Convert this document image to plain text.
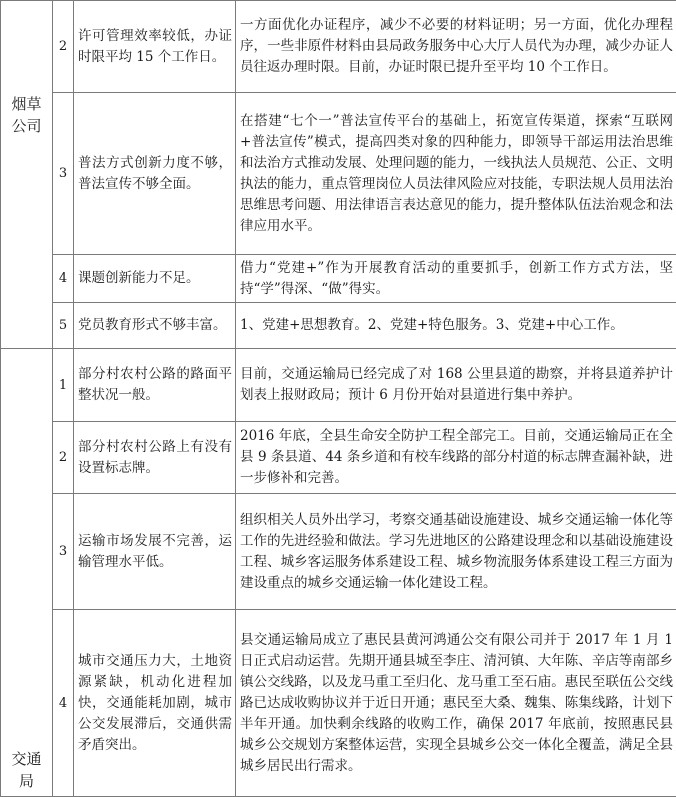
烟草
公司	2	许可管理效率较低，办证时限平均 15 个工作日。	一方面优化办证程序，减少不必要的材料证明；另一方面，优化办理程序，一些非原件材料由县局政务服务中心大厅人员代为办理，减少办证人员往返办理时限。目前，办证时限已提升至平均 10 个工作日。
	3	普法方式创新力度不够，普法宣传不够全面。	在搭建“七个一”普法宣传平台的基础上，拓宽宣传渠道，探索“互联网+普法宣传”模式，提高四类对象的四种能力，即领导干部运用法治思维和法治方式推动发展、处理问题的能力，一线执法人员规范、公正、文明执法的能力，重点管理岗位人员法律风险应对技能，专职法规人员用法治思维思考问题、用法律语言表达意见的能力，提升整体队伍法治观念和法律应用水平。
	4	课题创新能力不足。	借力“党建+”作为开展教育活动的重要抓手，创新工作方式方法，坚持“学”得深、“做”得实。
	5	党员教育形式不够丰富。	1、党建+思想教育。2、党建+特色服务。3、党建+中心工作。

交通
局	1	部分村农村公路的路面平整状况一般。	目前，交通运输局已经完成了对 168 公里县道的勘察，并将县道养护计划表上报财政局；预计 6 月份开始对县道进行集中养护。
	2	部分村农村公路上有没有设置标志牌。	2016 年底，全县生命安全防护工程全部完工。目前，交通运输局正在全县 9 条县道、44 条乡道和有校车线路的部分村道的标志牌查漏补缺，进一步修补和完善。
	3	运输市场发展不完善，运输管理水平低。	组织相关人员外出学习，考察交通基础设施建设、城乡交通运输一体化等工作的先进经验和做法。学习先进地区的公路建设理念和以基础设施建设工程、城乡客运服务体系建设工程、城乡物流服务体系建设工程三方面为建设重点的城乡交通运输一体化建设工程。
	4	城市交通压力大，土地资源紧缺，机动化进程加快，交通能耗加剧，城市公交发展滞后，交通供需矛盾突出。	县交通运输局成立了惠民县黄河鸿通公交有限公司并于 2017 年 1 月 1 日正式启动运营。先期开通县城至李庄、清河镇、大年陈、辛店等南部乡镇公交线路，以及龙马重工至归化、龙马重工至石庙。惠民至联伍公交线路已达成收购协议并于近日开通；惠民至大桑、魏集、陈集线路，计划下半年开通。加快剩余线路的收购工作，确保 2017 年底前，按照惠民县城乡公交规划方案整体运营，实现全县城乡公交一体化全覆盖，满足全县城乡居民出行需求。
